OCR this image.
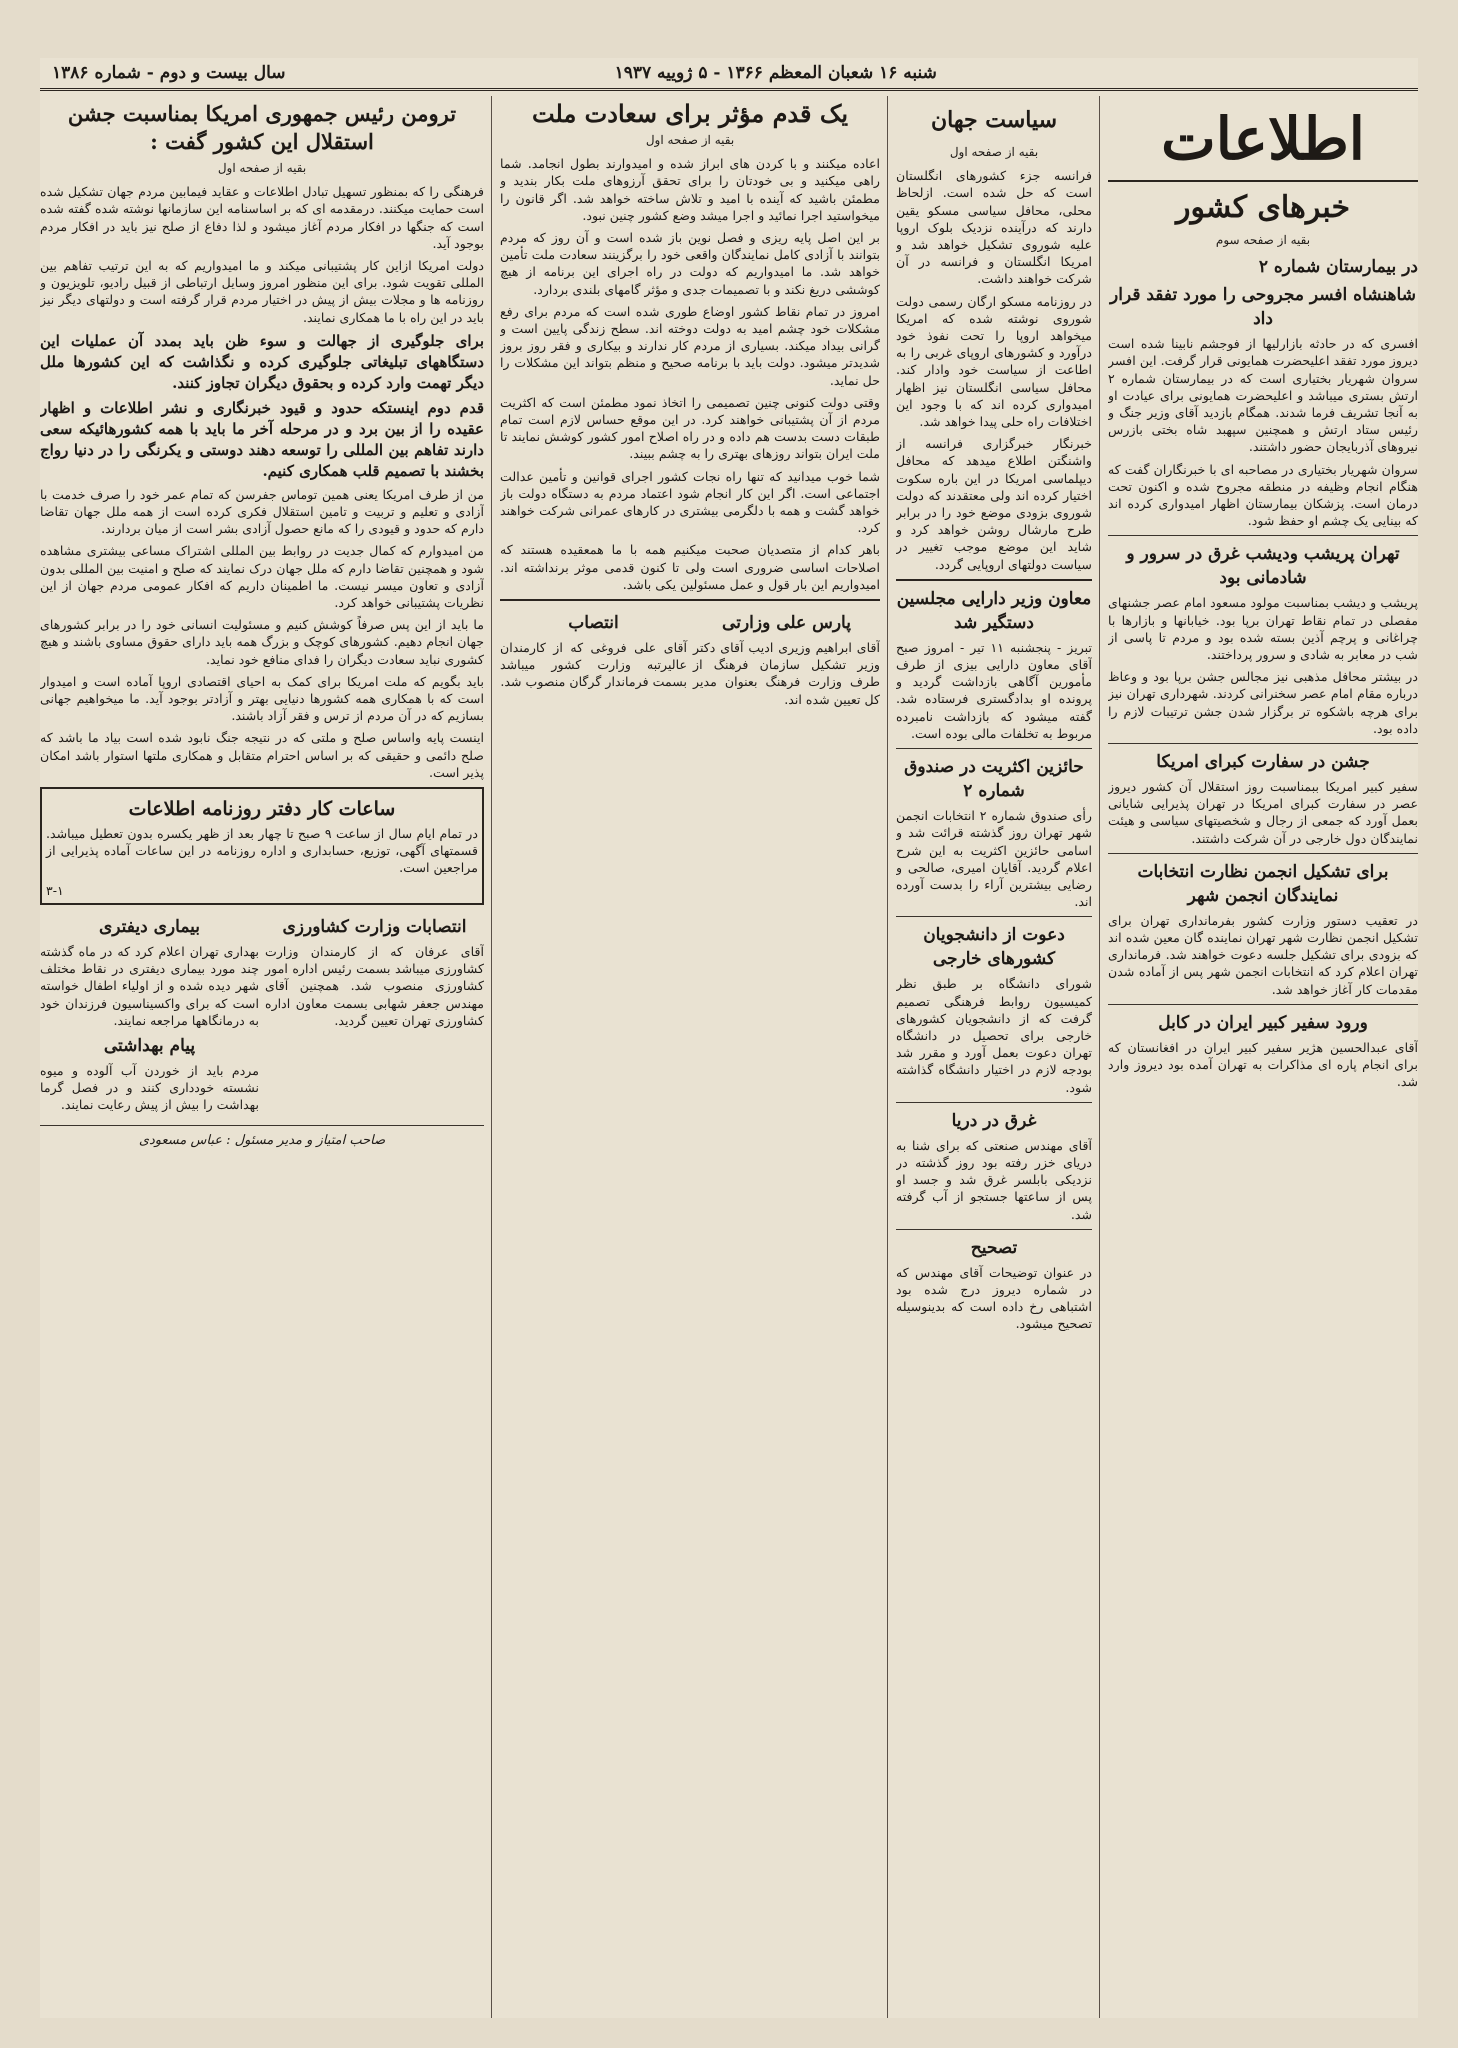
شنبه ۱۶ شعبان المعظم ۱۳۶۶ - ۵ ژوییه ۱۹۳۷
سال بیست و دوم - شماره ۱۳۸۶
اطلاعات
خبرهای کشور
بقیه از صفحه سوم
در بیمارستان شماره ۲
شاهنشاه افسر مجروحی را مورد تفقد قرار داد

افسری که در حادثه بازارلیها از فوجشم نابینا شده است دیروز مورد تفقد اعلیحضرت همایونی قرار گرفت. این افسر سروان شهریار بختیاری است که در بیمارستان شماره ۲ ارتش بستری میباشد و اعلیحضرت همایونی برای عیادت او به آنجا تشریف فرما شدند. همگام بازدید آقای وزیر جنگ و رئیس ستاد ارتش و همچنین سپهبد شاه بختی بازرس نیروهای آذربایجان حضور داشتند.

سروان شهریار بختیاری در مصاحبه ای با خبرنگاران گفت که هنگام انجام وظیفه در منطقه مجروح شده و اکنون تحت درمان است. پزشکان بیمارستان اظهار امیدواری کرده اند که بینایی یک چشم او حفظ شود.

تهران پریشب ودیشب غرق در سرور و شادمانی بود

پریشب و دیشب بمناسبت مولود مسعود امام عصر جشنهای مفصلی در تمام نقاط تهران برپا بود. خیابانها و بازارها با چراغانی و پرچم آذین بسته شده بود و مردم تا پاسی از شب در معابر به شادی و سرور پرداختند.

در بیشتر محافل مذهبی نیز مجالس جشن برپا بود و وعاظ درباره مقام امام عصر سخنرانی کردند. شهرداری تهران نیز برای هرچه باشکوه تر برگزار شدن جشن ترتیبات لازم را داده بود.

جشن در سفارت کبرای امریکا

سفیر کبیر امریکا ببمناسبت روز استقلال آن کشور دیروز عصر در سفارت کبرای امریکا در تهران پذیرایی شایانی بعمل آورد که جمعی از رجال و شخصیتهای سیاسی و هیئت نمایندگان دول خارجی در آن شرکت داشتند.

برای تشکیل انجمن نظارت انتخابات نمایندگان انجمن شهر

در تعقیب دستور وزارت کشور بفرمانداری تهران برای تشکیل انجمن نظارت شهر تهران نماینده گان معین شده اند که بزودی برای تشکیل جلسه دعوت خواهند شد. فرمانداری تهران اعلام کرد که انتخابات انجمن شهر پس از آماده شدن مقدمات کار آغاز خواهد شد.

ورود سفیر کبیر ایران در کابل

آقای عبدالحسین هژیر سفیر کبیر ایران در افغانستان که برای انجام پاره ای مذاکرات به تهران آمده بود دیروز وارد شد.

سیاست جهان
بقیه از صفحه اول

فرانسه جزء کشورهای انگلستان است که حل شده است. ازلحاظ محلی، محافل سیاسی مسکو یقین دارند که درآینده نزدیک بلوک اروپا علیه شوروی تشکیل خواهد شد و امریکا انگلستان و فرانسه در آن شرکت خواهند داشت.

در روزنامه مسکو ارگان رسمی دولت شوروی نوشته شده که امریکا میخواهد اروپا را تحت نفوذ خود درآورد و کشورهای اروپای غربی را به اطاعت از سیاست خود وادار کند. محافل سیاسی انگلستان نیز اظهار امیدواری کرده اند که با وجود این اختلافات راه حلی پیدا خواهد شد.

خبرنگار خبرگزاری فرانسه از واشنگتن اطلاع میدهد که محافل دیپلماسی امریکا در این باره سکوت اختیار کرده اند ولی معتقدند که دولت شوروی بزودی موضع خود را در برابر طرح مارشال روشن خواهد کرد و شاید این موضع موجب تغییر در سیاست دولتهای اروپایی گردد.

معاون وزیر دارایی مجلسین دستگیر شد

تبریز - پنجشنبه ۱۱ تیر - امروز صبح آقای معاون دارایی بیزی از طرف مأمورین آگاهی بازداشت گردید و پرونده او بدادگستری فرستاده شد. گفته میشود که بازداشت نامبرده مربوط به تخلفات مالی بوده است.

حائزین اکثریت در صندوق شماره ۲

رأی صندوق شماره ۲ انتخابات انجمن شهر تهران روز گذشته قرائت شد و اسامی حائزین اکثریت به این شرح اعلام گردید. آقایان امیری، صالحی و رضایی بیشترین آراء را بدست آورده اند.

دعوت از دانشجویان کشورهای خارجی

شورای دانشگاه بر طبق نظر کمیسیون روابط فرهنگی تصمیم گرفت که از دانشجویان کشورهای خارجی برای تحصیل در دانشگاه تهران دعوت بعمل آورد و مقرر شد بودجه لازم در اختیار دانشگاه گذاشته شود.

غرق در دریا

آقای مهندس صنعتی که برای شنا به دریای خزر رفته بود روز گذشته در نزدیکی بابلسر غرق شد و جسد او پس از ساعتها جستجو از آب گرفته شد.

تصحیح

در عنوان توضیحات آقای مهندس که در شماره دیروز درج شده بود اشتباهی رخ داده است که بدینوسیله تصحیح میشود.

یک قدم مؤثر برای سعادت ملت
بقیه از صفحه اول

اعاده میکنند و با کردن های ابراز شده و امیدوارند بطول انجامد. شما راهی میکنید و بی خودتان را برای تحقق آرزوهای ملت بکار بندید و مطمئن باشید که آینده با امید و تلاش ساخته خواهد شد. اگر قانون را میخواستید اجرا نمائید و اجرا میشد وضع کشور چنین نبود.

بر این اصل پایه ریزی و فصل نوین باز شده است و آن روز که مردم بتوانند با آزادی کامل نمایندگان واقعی خود را برگزینند سعادت ملت تأمین خواهد شد. ما امیدواریم که دولت در راه اجرای این برنامه از هیچ کوششی دریغ نکند و با تصمیمات جدی و مؤثر گامهای بلندی بردارد.

امروز در تمام نقاط کشور اوضاع طوری شده است که مردم برای رفع مشکلات خود چشم امید به دولت دوخته اند. سطح زندگی پایین است و گرانی بیداد میکند. بسیاری از مردم کار ندارند و بیکاری و فقر روز بروز شدیدتر میشود. دولت باید با برنامه صحیح و منظم بتواند این مشکلات را حل نماید.

وقتی دولت کنونی چنین تصمیمی را اتخاذ نمود مطمئن است که اکثریت مردم از آن پشتیبانی خواهند کرد. در این موقع حساس لازم است تمام طبقات دست بدست هم داده و در راه اصلاح امور کشور کوشش نمایند تا ملت ایران بتواند روزهای بهتری را به چشم ببیند.

شما خوب میدانید که تنها راه نجات کشور اجرای قوانین و تأمین عدالت اجتماعی است. اگر این کار انجام شود اعتماد مردم به دستگاه دولت باز خواهد گشت و همه با دلگرمی بیشتری در کارهای عمرانی شرکت خواهند کرد.

باهر کدام از متصدیان صحبت میکنیم همه با ما همعقیده هستند که اصلاحات اساسی ضروری است ولی تا کنون قدمی موثر برنداشته اند. امیدواریم این بار قول و عمل مسئولین یکی باشد.

پارس علی وزارتی

آقای ابراهیم وزیری ادیب آقای دکتر وزیر تشکیل سازمان فرهنگ از طرف وزارت فرهنگ بعنوان مدیر کل تعیین شده اند.

انتصاب

آقای علی فروغی که از کارمندان عالیرتبه وزارت کشور میباشد بسمت فرماندار گرگان منصوب شد.

ترومن رئیس جمهوری امریکا بمناسبت جشن استقلال این کشور گفت :
بقیه از صفحه اول

فرهنگی را که بمنظور تسهیل تبادل اطلاعات و عقاید فیمابین مردم جهان تشکیل شده است حمایت میکنند. درمقدمه ای که بر اساسنامه این سازمانها نوشته شده گفته شده است که جنگها در افکار مردم آغاز میشود و لذا دفاع از صلح نیز باید در افکار مردم بوجود آید.

دولت امریکا ازاین کار پشتیبانی میکند و ما امیدواریم که به این ترتیب تفاهم بین المللی تقویت شود. برای این منظور امروز وسایل ارتباطی از قبیل رادیو، تلویزیون و روزنامه ها و مجلات بیش از پیش در اختیار مردم قرار گرفته است و دولتهای دیگر نیز باید در این راه با ما همکاری نمایند.

برای جلوگیری از جهالت و سوء ظن باید بمدد آن عملیات این دستگاههای تبلیغاتی جلوگیری کرده و نگذاشت که این کشورها ملل دیگر تهمت وارد کرده و بحقوق دیگران تجاوز کنند.
قدم دوم اینستکه حدود و قیود خبرنگاری و نشر اطلاعات و اظهار عقیده را از بین برد و در مرحله آخر ما باید با همه کشورهائیکه سعی دارند تفاهم بین المللی را توسعه دهند دوستی و یکرنگی را در دنیا رواج بخشند با تصمیم قلب همکاری کنیم.

من از طرف امریکا یعنی همین توماس جفرسن که تمام عمر خود را صرف خدمت با آزادی و تعلیم و تربیت و تامین استقلال فکری کرده است از همه ملل جهان تقاضا دارم که حدود و قیودی را که مانع حصول آزادی بشر است از میان بردارند.

من امیدوارم که کمال جدیت در روابط بین المللی اشتراک مساعی بیشتری مشاهده شود و همچنین تقاضا دارم که ملل جهان درک نمایند که صلح و امنیت بین المللی بدون آزادی و تعاون میسر نیست. ما اطمینان داریم که افکار عمومی مردم جهان از این نظریات پشتیبانی خواهد کرد.

ما باید از این پس صرفاً کوشش کنیم و مسئولیت انسانی خود را در برابر کشورهای جهان انجام دهیم. کشورهای کوچک و بزرگ همه باید دارای حقوق مساوی باشند و هیچ کشوری نباید سعادت دیگران را فدای منافع خود نماید.

باید بگویم که ملت امریکا برای کمک به احیای اقتصادی اروپا آماده است و امیدوار است که با همکاری همه کشورها دنیایی بهتر و آزادتر بوجود آید. ما میخواهیم جهانی بسازیم که در آن مردم از ترس و فقر آزاد باشند.

اینست پایه واساس صلح و ملتی که در نتیجه جنگ نابود شده است بیاد ما باشد که صلح دائمی و حقیقی که بر اساس احترام متقابل و همکاری ملتها استوار باشد امکان پذیر است.

ساعات کار دفتر روزنامه اطلاعات

در تمام ایام سال از ساعت ۹ صبح تا چهار بعد از ظهر یکسره بدون تعطیل میباشد. قسمتهای آگهی، توزیع، حسابداری و اداره روزنامه در این ساعات آماده پذیرایی از مراجعین است.

۳-۱
انتصابات وزارت کشاورزی

آقای عرفان که از کارمندان وزارت کشاورزی میباشد بسمت رئیس اداره امور کشاورزی منصوب شد. همچنین آقای مهندس جعفر شهابی بسمت معاون اداره کشاورزی تهران تعیین گردید.

بیماری دیفتری

بهداری تهران اعلام کرد که در ماه گذشته چند مورد بیماری دیفتری در نقاط مختلف شهر دیده شده و از اولیاء اطفال خواسته است که برای واکسیناسیون فرزندان خود به درمانگاهها مراجعه نمایند.

پیام بهداشتی

مردم باید از خوردن آب آلوده و میوه نشسته خودداری کنند و در فصل گرما بهداشت را بیش از پیش رعایت نمایند.

صاحب امتیاز و مدیر مسئول : عباس مسعودی
